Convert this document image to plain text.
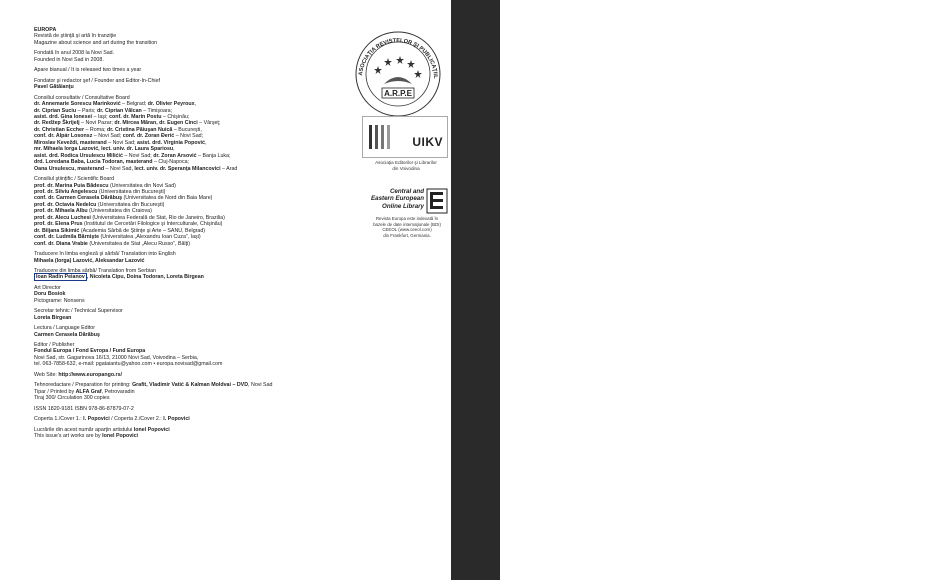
EUROPA
Revistă de ştiinţă şi artă în tranziţie
Magazine about science and art during the transition

Fondată în anul 2008 la Novi Sad.
Founded in Novi Sad in 2008.

Apare bianual / It is released two times a year

Fondator şi redactor şef / Founder and Editor-In-Chief
Pavel Gătăianţu

Consiliul consultativ / Consultative Board
dr. Annemarie Sorescu Marinković – Belgrad; dr. Olivier Peyroux,
dr. Ciprian Suciu – Paris; dr. Ciprian Vălcan – Timişoara;
asist. drd. Gina Ionesei – Iaşi; conf. dr. Marin Postu – Chişinău;
dr. Redžep Škrijelj – Novi Pazar; dr. Mircea Măran, dr. Eugen Cinci – Vârşeţ;
dr. Christian Eccher – Roma; dr. Cristina Păiuşan Nuică – Bucureşti,
conf. dr. Alpár Losonsz – Novi Sad; conf. dr. Zoran Đerić – Novi Sad;
Miroslav Keveždi, masterand – Novi Sad; asist. drd. Virginia Popović,
mr. Mihaela Iorga Lazović, lect. univ. dr. Laura Spariosu,
asist. drd. Rodica Ursulescu Milićić – Novi Sad; dr. Zoran Arsović – Banja Luka;
drd. Loredana Baba, Lucia Todoran, masterand – Cluj-Napoca;
Oana Ursulescu, masterand – Novi Sad, lect. univ. dr. Speranţa Milancovici – Arad

Consiliul ştiinţific / Scientific Board
prof. dr. Marina Puia Bădescu (Universitatea din Novi Sad)
prof. dr. Silviu Angelescu (Universitatea din Bucureşti)
conf. dr. Carmen Cerasela Dărăbuş (Universitatea de Nord din Baia Mare)
prof. dr. Octavia Nedelcu (Universitatea din Bucureşti)
prof. dr. Mihaela Albu (Universitatea din Craiova)
prof. dr. Alecu Luchesi (Universitatea Federală de Stat, Rio de Janeiro, Brazilia)
prof. dr. Elena Prus (Institutul de Cercetări Filologice şi Interculturale, Chişinău)
dr. Biljana Sikimić (Academia Sârbă de Ştiinţe şi Arte – SANU, Belgrad)
conf. dr. Ludmila Bărnişte (Universitatea „Alexandru Ioan Cuza”, Iaşi)
conf. dr. Diana Vrabie (Universitatea de Stat „Alecu Russo”, Bălţi)

Traducere în limba engleză şi sârbă/ Translation into English
Mihaela (Iorga) Lazović, Aleksandar Lazović

Traducere din limba sârbă/ Translation from Serbian
Ioan Radin Peianov , Nicoleta Cipu, Doina Todoran, Loreta Birgean

Art Director
Doru Bosiok
Pictograme: Nonsens

Secretar tehnic / Technical Supervisor
Loreta Birgean

Lectura / Language Editor
Carmen Cerasela Dărăbuş

Editor / Publisher
Fondul Europa / Fond Evropa / Fund Europa
Novi Sad, str. Gagarinova 16/13, 21000 Novi Sad, Voivodina – Serbia,
tel. 063-7858-632, e-mail: pgataiantu@yahoo.com • europa.novisad@gmail.com

Web Site: http://www.europango.rs/

Tehnoredactare / Preparation for printing: Grafit, Vladimir Vatić & Kalman Moldvai – DVD, Novi Sad
Tipar / Printed by ALFA Graf, Petrovaradin
Tiraj 300/ Circulation 300 copies

ISSN 1820-9181 ISBN 978-86-87879-07-2

Coperta 1./Cover 1.: I. Popovici / Coperta 2./Cover 2.: I. Popovici

Lucrările din acest număr aparţin artistului Ionel Popovici
This issue's art works are by Ionel Popovici

ASOCIAŢIA REVISTELOR ŞI PUBLICAŢIIL
A.R.P.E
UIKV
Asociaţia Editorilor şi Librarilor
din Voivodina
Central and
Eastern European
Online Library
Revista Europa este indexată în
bazele de date internaţionale (BDI)
CEEOL (www.ceeol.com)
din Frankfurt, Germania.
1
